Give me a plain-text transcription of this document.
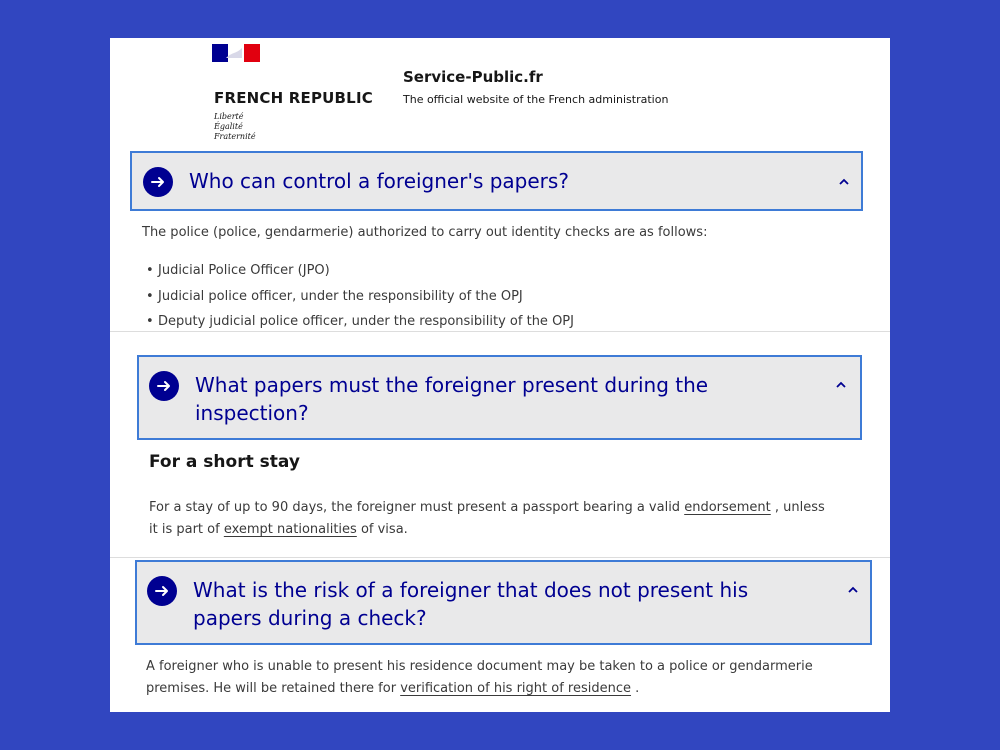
FRENCH REPUBLIC
Liberté
Égalité
Fraternité
Service-Public.fr
The official website of the French administration
Who can control a foreigner's papers?
The police (police, gendarmerie) authorized to carry out identity checks are as follows:
• Judicial Police Officer (JPO)
• Judicial police officer, under the responsibility of the OPJ
• Deputy judicial police officer, under the responsibility of the OPJ
What papers must the foreigner present during the
inspection?
For a short stay
For a stay of up to 90 days, the foreigner must present a passport bearing a valid endorsement , unless
it is part of exempt nationalities of visa.
What is the risk of a foreigner that does not present his
papers during a check?
A foreigner who is unable to present his residence document may be taken to a police or gendarmerie
premises. He will be retained there for verification of his right of residence .
